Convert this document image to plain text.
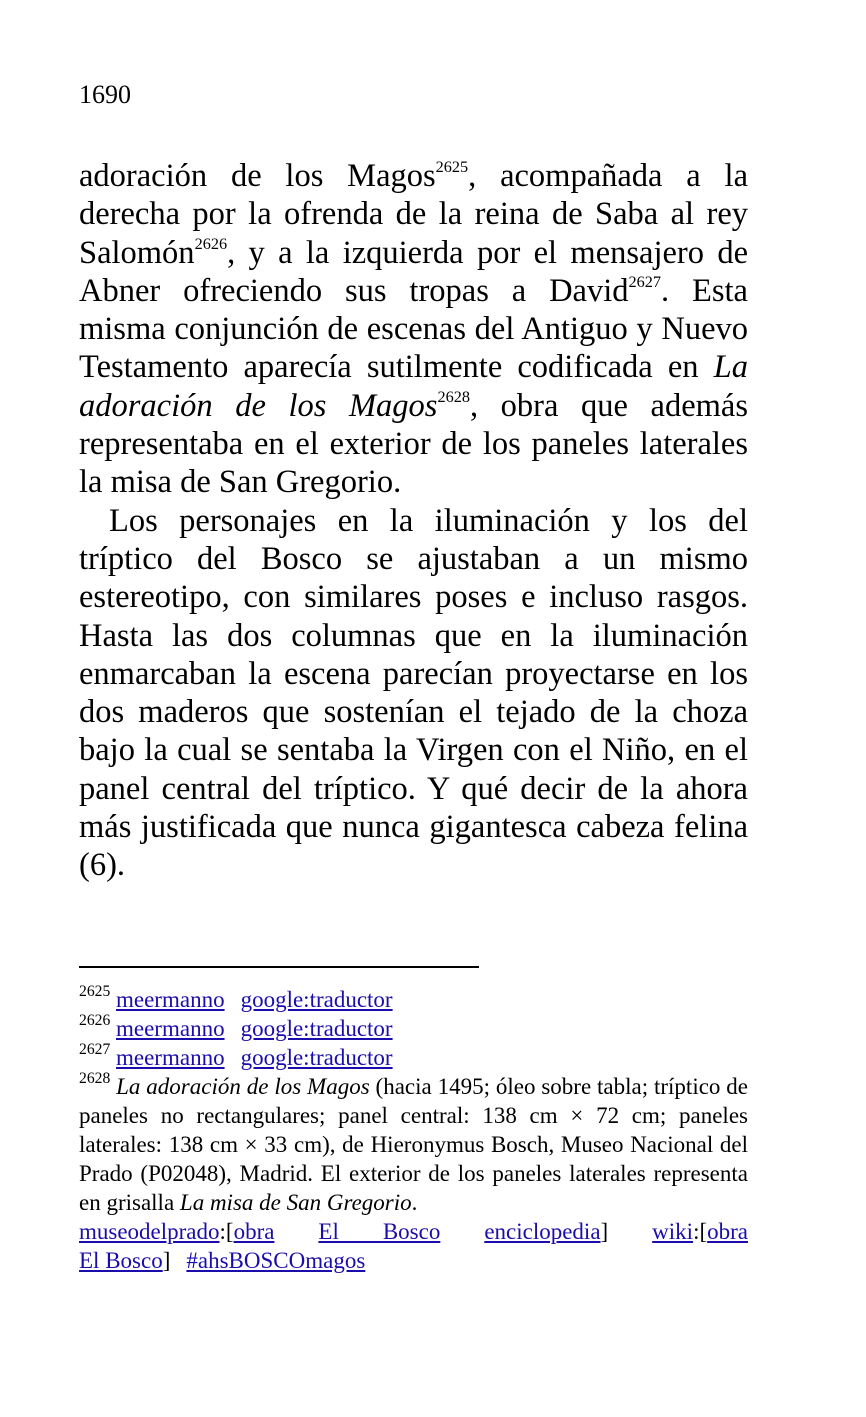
1690

adoración de los Magos$^{2625}$, acompañada a la derecha por la ofrenda de la reina de Saba al rey Salomón$^{2626}$, y a la izquierda por el mensajero de Abner ofreciendo sus tropas a David$^{2627}$. Esta misma conjunción de escenas del Antiguo y Nuevo Testamento aparecía sutilmente codificada en La adoración de los Magos$^{2628}$, obra que además representaba en el exterior de los paneles laterales la misa de San Gregorio.

Los personajes en la iluminación y los del tríptico del Bosco se ajustaban a un mismo estereotipo, con similares poses e incluso rasgos. Hasta las dos columnas que en la iluminación enmarcaban la escena parecían proyectarse en los dos maderos que sostenían el tejado de la choza bajo la cual se sentaba la Virgen con el Niño, en el panel central del tríptico. Y qué decir de la ahora más justificada que nunca gigantesca cabeza felina (6).

$^{2625}$ meermanno google:traductor

$^{2626}$ meermanno google:traductor

$^{2627}$ meermanno google:traductor

$^{2628}$ La adoración de los Magos (hacia 1495; óleo sobre tabla; tríptico de paneles no rectangulares; panel central: 138 cm × 72 cm; paneles laterales: 138 cm × 33 cm), de Hieronymus Bosch, Museo Nacional del Prado (P02048), Madrid. El exterior de los paneles laterales representa en grisalla La misa de San Gregorio.

museodelprado:[obra El Bosco enciclopedia] wiki:[obra

El Bosco] #ahsBOSCOmagos
